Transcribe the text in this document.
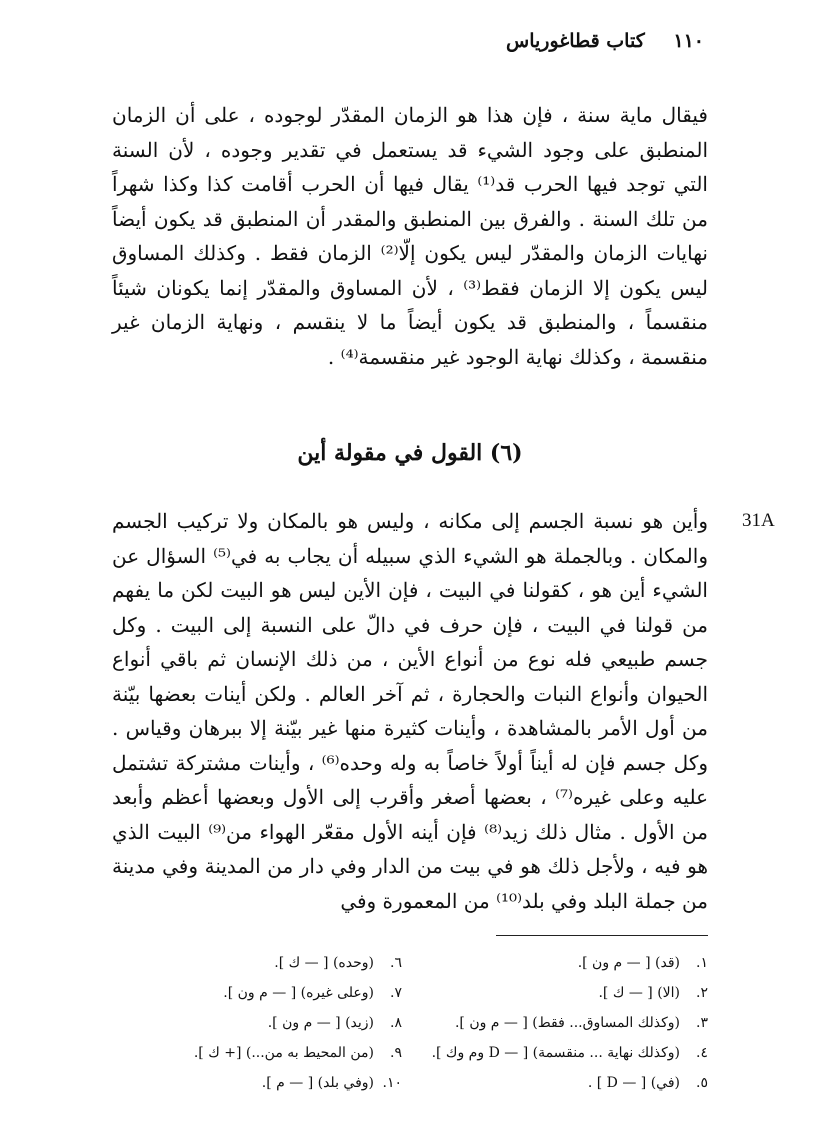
١١٠ كتاب قطاغورياس

فيقال ماية سنة ، فإن هذا هو الزمان المقدّر لوجوده ، على أن الزمان المنطبق على وجود الشيء قد يستعمل في تقدير وجوده ، لأن السنة التي توجد فيها الحرب قد⁽¹⁾ يقال فيها أن الحرب أقامت كذا وكذا شهراً من تلك السنة . والفرق بين المنطبق والمقدر أن المنطبق قد يكون أيضاً نهايات الزمان والمقدّر ليس يكون إلّا⁽²⁾ الزمان فقط . وكذلك المساوق ليس يكون إلا الزمان فقط⁽³⁾ ، لأن المساوق والمقدّر إنما يكونان شيئاً منقسماً ، والمنطبق قد يكون أيضاً ما لا ينقسم ، ونهاية الزمان غير منقسمة ، وكذلك نهاية الوجود غير منقسمة⁽⁴⁾ .

(٦) القول في مقولة أين
31A

وأين هو نسبة الجسم إلى مكانه ، وليس هو بالمكان ولا تركيب الجسم والمكان . وبالجملة هو الشيء الذي سبيله أن يجاب به في⁽⁵⁾ السؤال عن الشيء أين هو ، كقولنا في البيت ، فإن الأين ليس هو البيت لكن ما يفهم من قولنا في البيت ، فإن حرف في دالّ على النسبة إلى البيت . وكل جسم طبيعي فله نوع من أنواع الأين ، من ذلك الإنسان ثم باقي أنواع الحيوان وأنواع النبات والحجارة ، ثم آخر العالم . ولكن أينات بعضها بيّنة من أول الأمر بالمشاهدة ، وأينات كثيرة منها غير بيّنة إلا ببرهان وقياس . وكل جسم فإن له أيناً أولاً خاصاً به وله وحده⁽⁶⁾ ، وأينات مشتركة تشتمل عليه وعلى غيره⁽⁷⁾ ، بعضها أصغر وأقرب إلى الأول وبعضها أعظم وأبعد من الأول . مثال ذلك زيد⁽⁸⁾ فإن أينه الأول مقعّر الهواء من⁽⁹⁾ البيت الذي هو فيه ، ولأجل ذلك هو في بيت من الدار وفي دار من المدينة وفي مدينة من جملة البلد وفي بلد⁽¹⁰⁾ من المعمورة وفي

١.(قد) [ — م ون ].
٢.(الا) [ — ك ].
٣.(وكذلك المساوق... فقط) [ — م ون ].
٤.(وكذلك نهاية ... منقسمة) [ — D وم وك ].
٥.(في) [ — D ] .
٦.(وحده) [ — ك ].
٧.(وعلى غيره) [ — م ون ].
٨.(زيد) [ — م ون ].
٩.(من المحيط به من...) [+ ك ].
١٠.(وفي بلد) [ — م ].
